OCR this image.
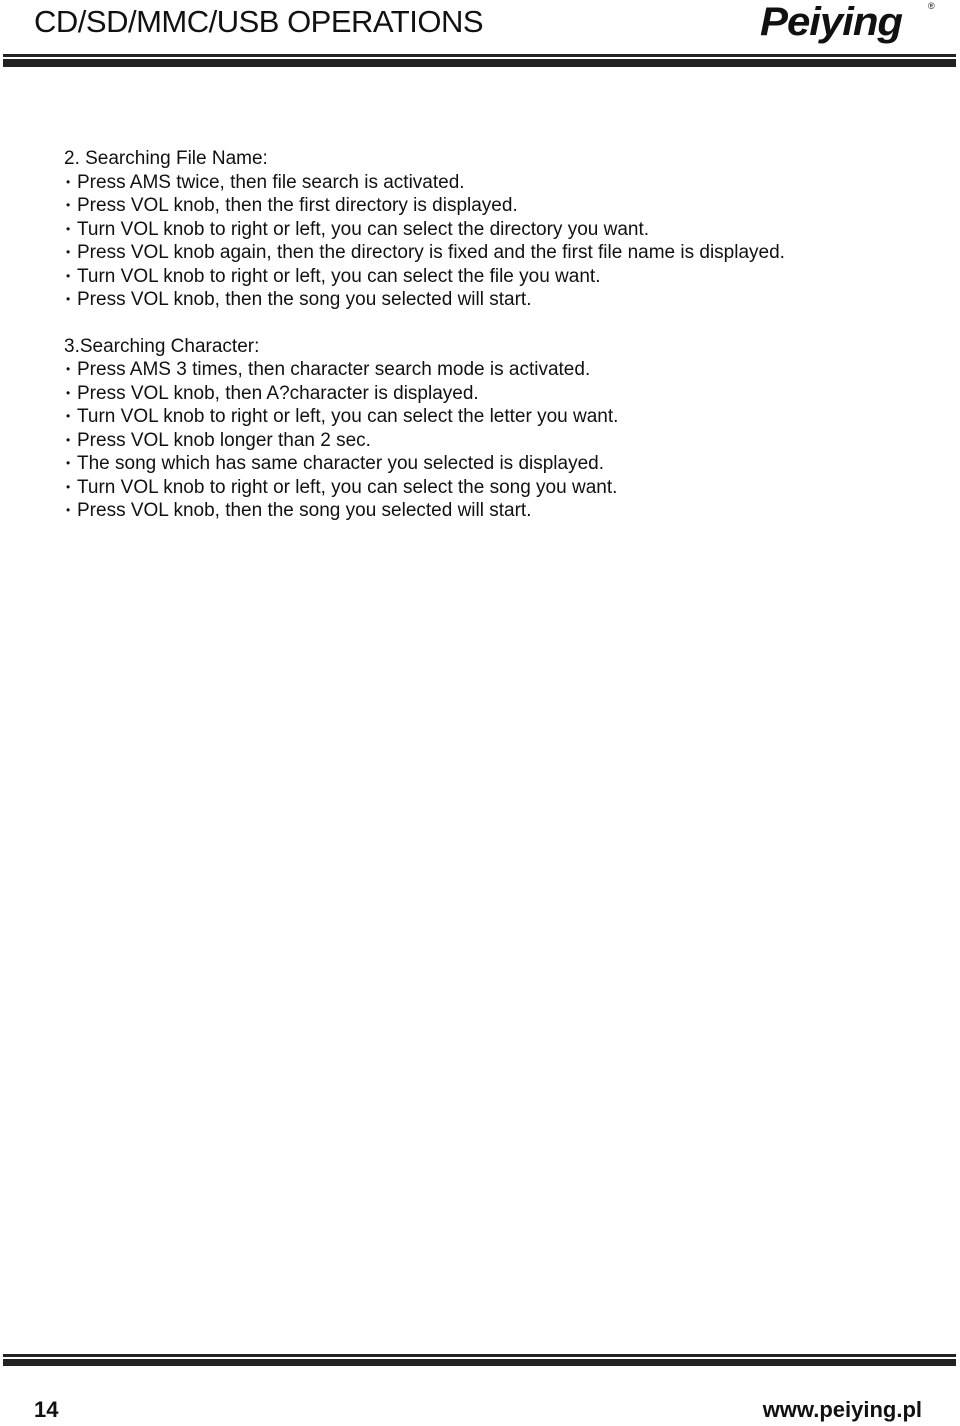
CD/SD/MMC/USB OPERATIONS	Peiying	®
2. Searching File Name:
• Press AMS twice, then file search is activated.
• Press VOL knob, then the first directory is displayed.
• Turn VOL knob to right or left, you can select the directory you want.
• Press VOL knob again, then the directory is fixed and the first file name is displayed.
• Turn VOL knob to right or left, you can select the file you want.
• Press VOL knob, then the song you selected will start.
3.Searching Character:
• Press AMS 3 times, then character search mode is activated.
• Press VOL knob, then A?character is displayed.
• Turn VOL knob to right or left, you can select the letter you want.
• Press VOL knob longer than 2 sec.
• The song which has same character you selected is displayed.
• Turn VOL knob to right or left, you can select the song you want.
• Press VOL knob, then the song you selected will start.
14	www.peiying.pl
